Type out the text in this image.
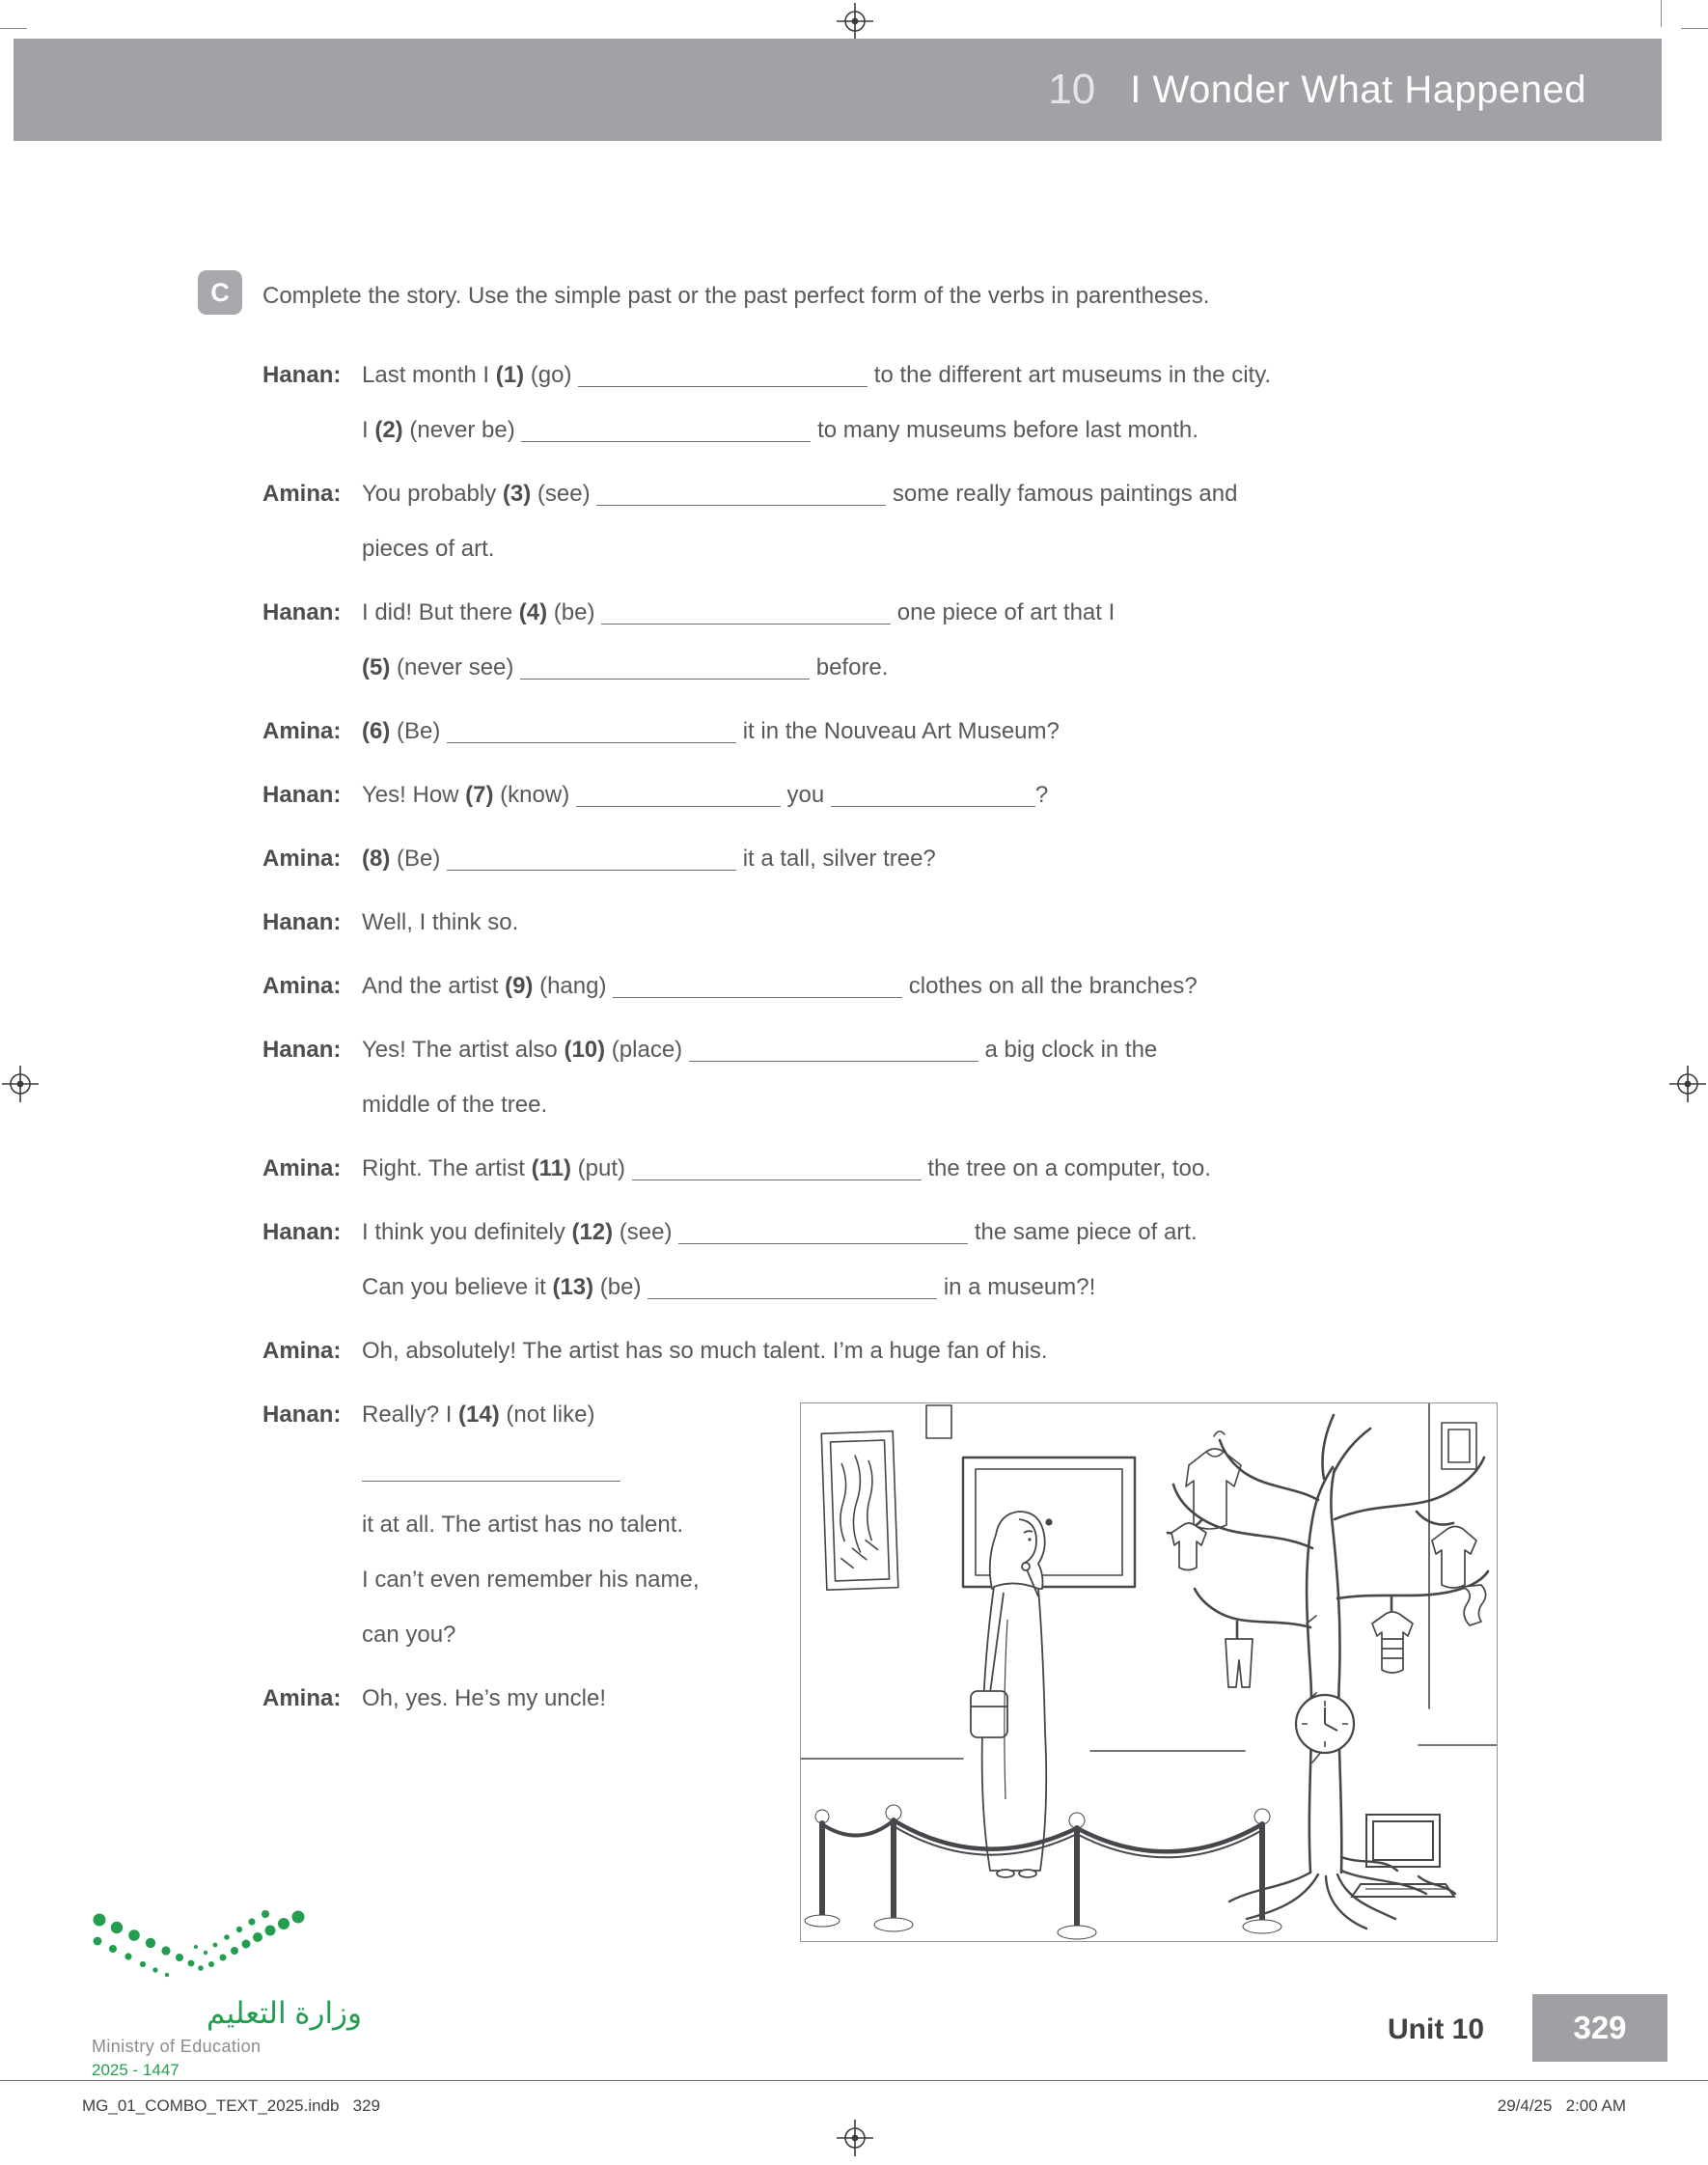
10 I Wonder What Happened
C	Complete the story. Use the simple past or the past perfect form of the verbs in parentheses.
Hanan: Last month I (1) (go)	to the different art museums in the city.
I (2) (never be)	to many museums before last month.
Amina: You probably (3) (see)	some really famous paintings and
pieces of art.
Hanan: I did! But there (4) (be)	one piece of art that I
(5) (never see)	before.
Amina: (6) (Be)	it in the Nouveau Art Museum?
Hanan: Yes! How (7) (know)	you	?
Amina: (8) (Be)	it a tall, silver tree?
Hanan: Well, I think so.
Amina: And the artist (9) (hang)	clothes on all the branches?
Hanan: Yes! The artist also (10) (place)	a big clock in the
middle of the tree.
Amina: Right. The artist (11) (put)	the tree on a computer, too.
Hanan: I think you definitely (12) (see)	the same piece of art.
Can you believe it (13) (be)	in a museum?!
Amina: Oh, absolutely! The artist has so much talent. I’m a huge fan of his.
Hanan: Really? I (14) (not like)
it at all. The artist has no talent.
I can’t even remember his name,
can you?
Amina: Oh, yes. He’s my uncle!
وزارة التعليم
Ministry of Education
2025 - 1447
Unit 10	329
MG_01_COMBO_TEXT_2025.indb   329	29/4/25   2:00 AM
